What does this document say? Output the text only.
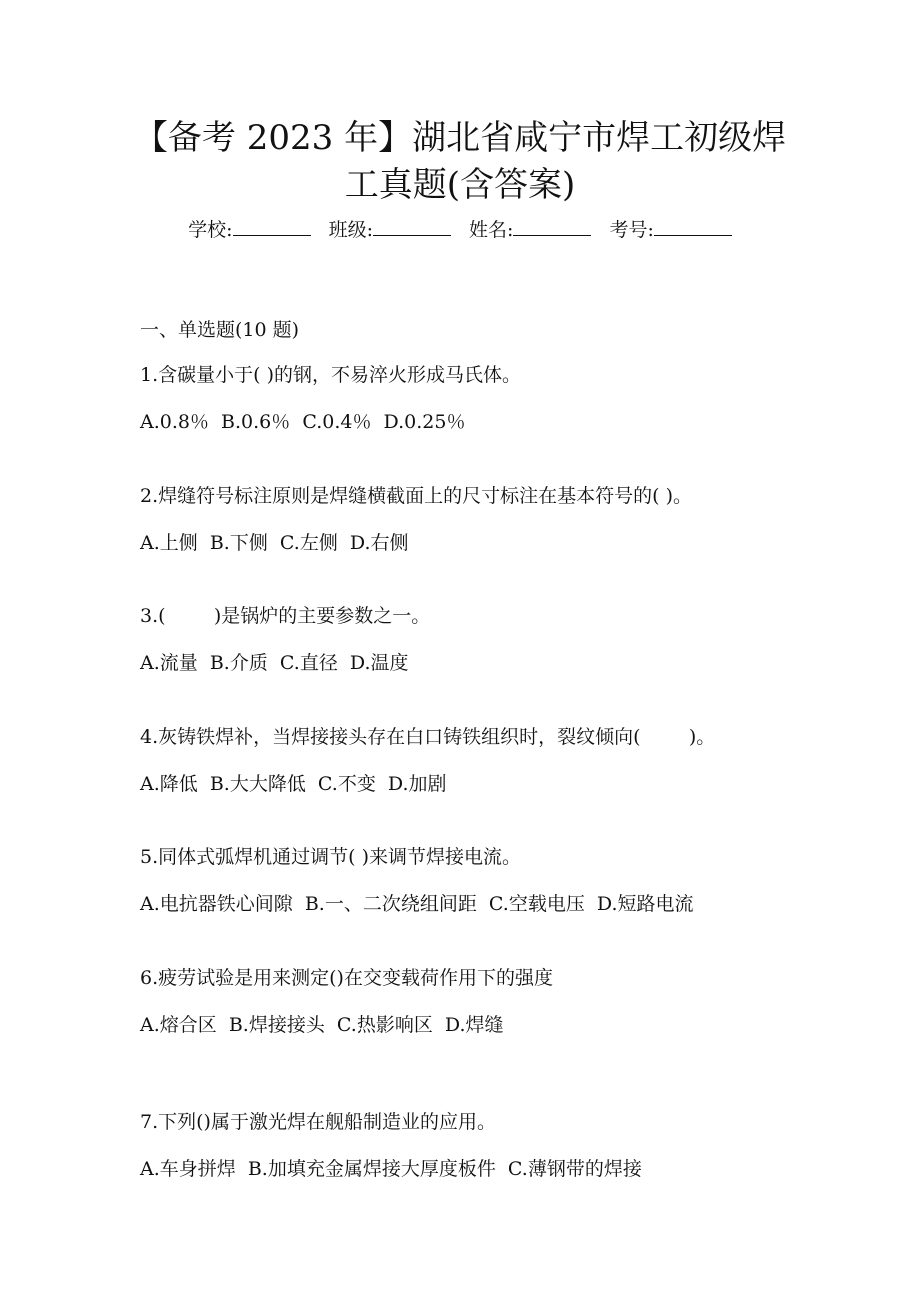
【备考 2023 年】湖北省咸宁市焊工初级焊
工真题(含答案)
学校:	班级:	姓名:	考号:
一、单选题(10 题)
1.含碳量小于( )的钢，不易淬火形成马氏体。
A.0.8％  B.0.6％  C.0.4％  D.0.25％
2.焊缝符号标注原则是焊缝横截面上的尺寸标注在基本符号的( )。
A.上侧  B.下侧  C.左侧  D.右侧
3.(        )是锅炉的主要参数之一。
A.流量  B.介质  C.直径  D.温度
4.灰铸铁焊补，当焊接接头存在白口铸铁组织时，裂纹倾向(        )。
A.降低  B.大大降低  C.不变  D.加剧
5.同体式弧焊机通过调节( )来调节焊接电流。
A.电抗器铁心间隙  B.一、二次绕组间距  C.空载电压  D.短路电流
6.疲劳试验是用来测定()在交变载荷作用下的强度
A.熔合区  B.焊接接头  C.热影响区  D.焊缝
7.下列()属于激光焊在舰船制造业的应用。
A.车身拼焊  B.加填充金属焊接大厚度板件  C.薄钢带的焊接
